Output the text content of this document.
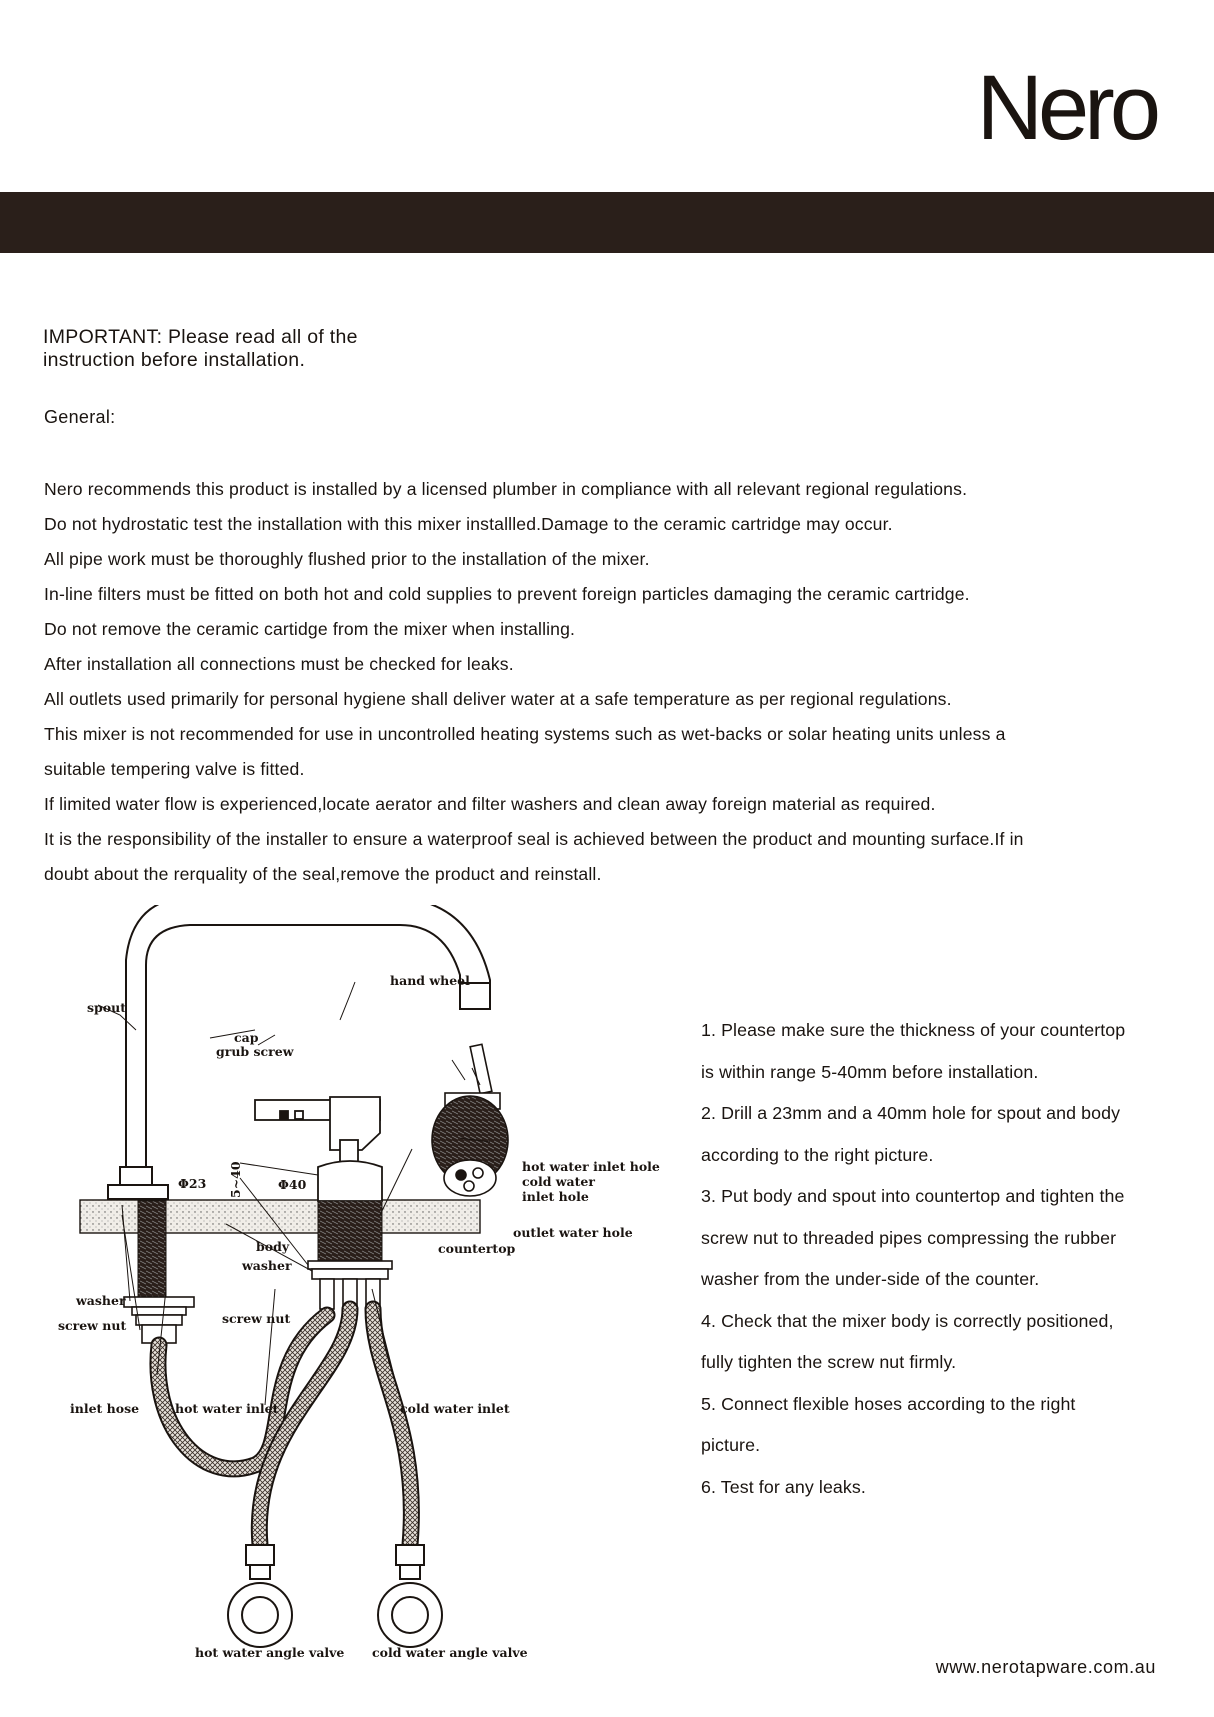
Nero
IMPORTANT: Please read all of the
instruction before installation.
General:

Nero recommends this product is installed by a licensed plumber in compliance with all relevant regional regulations.

Do not hydrostatic test the installation with this mixer installled.Damage to the ceramic cartridge may occur.

All pipe work must be thoroughly flushed prior to the installation of the mixer.

In-line filters must be fitted on both hot and cold supplies to prevent foreign particles damaging the ceramic cartridge.

Do not remove the ceramic cartidge from the mixer when installing.

After installation all connections must be checked for leaks.

All outlets used primarily for personal hygiene shall deliver water at a safe temperature as per regional regulations.

This mixer is not recommended for use in uncontrolled heating systems such as wet-backs or solar heating units unless a

suitable tempering valve is fitted.

If limited water flow is experienced,locate aerator and filter washers and clean away foreign material as required.

It is the responsibility of the installer to ensure a waterproof seal is achieved between the product and mounting surface.If in

doubt about the rerquality of the seal,remove the product and reinstall.

spout
hand wheel
cap
grub screw
Φ23 5~40	Φ40
hot water inlet hole
cold water
inlet hole
outlet water hole
countertop
body
washer
washer
screw nut	screw nut
inlet hose	hot water inlet	cold water inlet
hot water angle valve cold water angle valve

1. Please make sure the thickness of your countertop

is within range 5-40mm before installation.

2. Drill a 23mm and a 40mm hole for spout and body

according to the right picture.

3. Put body and spout into countertop and tighten the

screw nut to threaded pipes compressing the rubber

washer from the under-side of the counter.

4. Check that the mixer body is correctly positioned,

fully tighten the screw nut firmly.

5. Connect flexible hoses according to the right

picture.

6. Test for any leaks.

www.nerotapware.com.au
